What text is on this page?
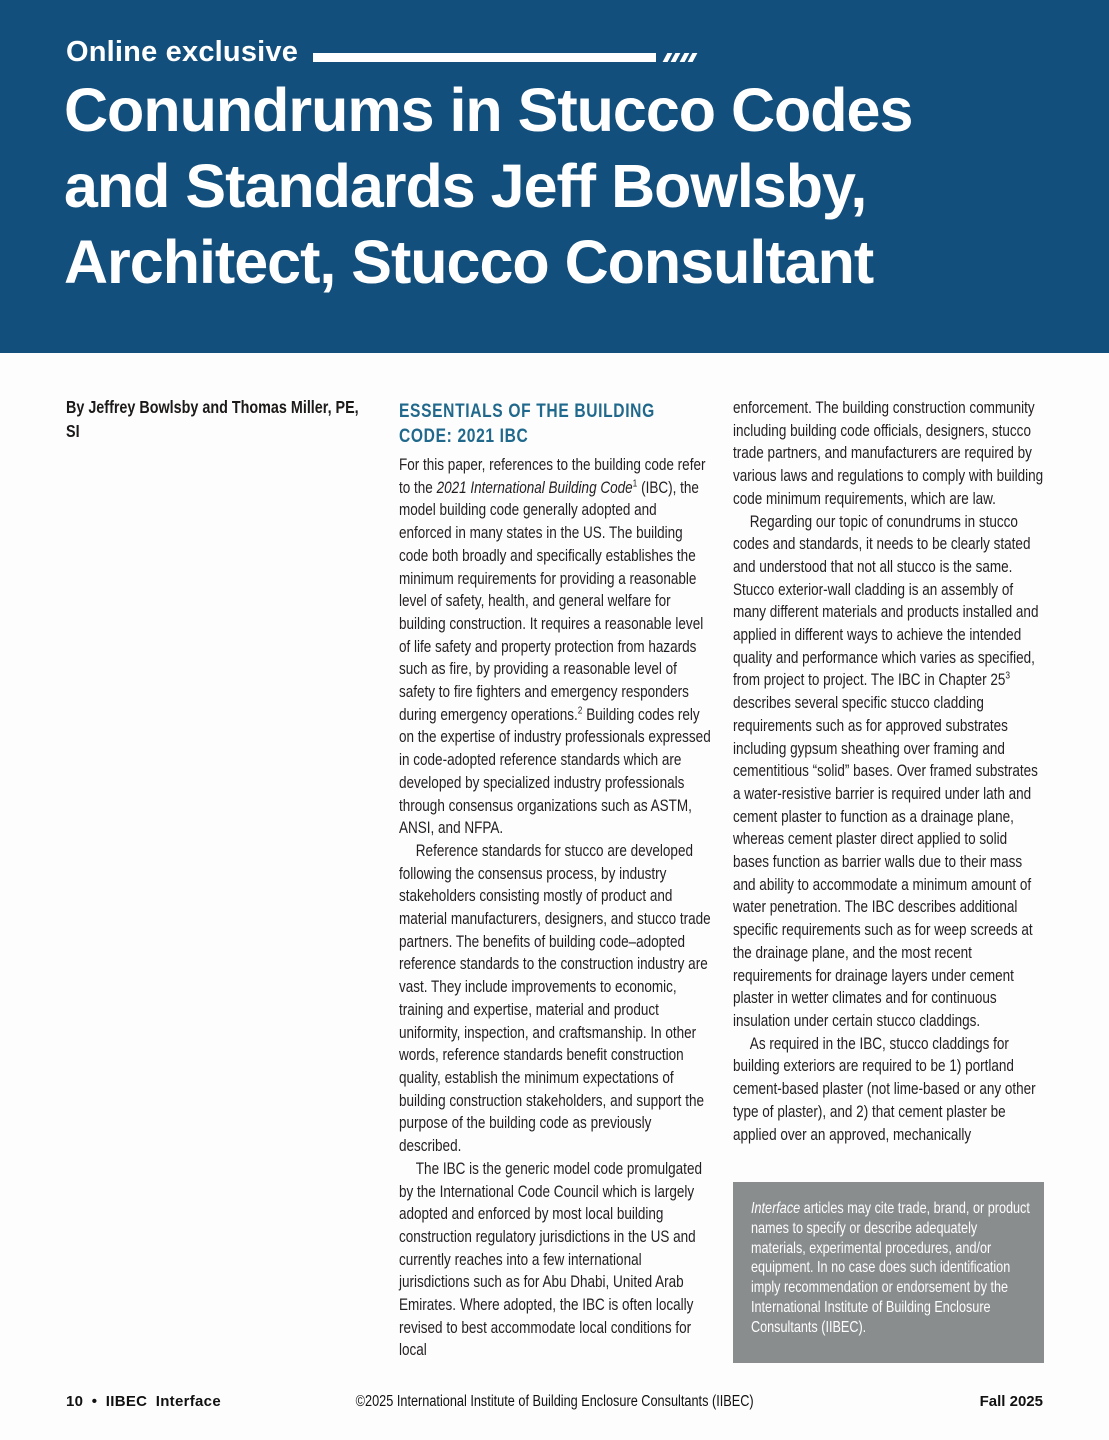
Online exclusive
Conundrums in Stucco Codes
and Standards Jeff Bowlsby,
Architect, Stucco Consultant
By Jeffrey Bowlsby and Thomas Miller, PE, SI
ESSENTIALS OF THE BUILDING CODE: 2021 IBC

For this paper, references to the building code refer to the 2021 International Building Code$^1$ (IBC), the model building code generally adopted and enforced in many states in the US. The building code both broadly and specifically establishes the minimum requirements for providing a reasonable level of safety, health, and general welfare for building construction. It requires a reasonable level of life safety and property protection from hazards such as fire, by providing a reasonable level of safety to fire fighters and emergency responders during emergency operations.$^2$ Building codes rely on the expertise of industry professionals expressed in code-adopted reference standards which are developed by specialized industry professionals through consensus organizations such as ASTM, ANSI, and NFPA.

Reference standards for stucco are developed following the consensus process, by industry stakeholders consisting mostly of product and material manufacturers, designers, and stucco trade partners. The benefits of building code–adopted reference standards to the construction industry are vast. They include improvements to economic, training and expertise, material and product uniformity, inspection, and craftsmanship. In other words, reference standards benefit construction quality, establish the minimum expectations of building construction stakeholders, and support the purpose of the building code as previously described.

The IBC is the generic model code promulgated by the International Code Council which is largely adopted and enforced by most local building construction regulatory jurisdictions in the US and currently reaches into a few international jurisdictions such as for Abu Dhabi, United Arab Emirates. Where adopted, the IBC is often locally revised to best accommodate local conditions for local

enforcement. The building construction community including building code officials, designers, stucco trade partners, and manufacturers are required by various laws and regulations to comply with building code minimum requirements, which are law.

Regarding our topic of conundrums in stucco codes and standards, it needs to be clearly stated and understood that not all stucco is the same. Stucco exterior-wall cladding is an assembly of many different materials and products installed and applied in different ways to achieve the intended quality and performance which varies as specified, from project to project. The IBC in Chapter $25^3$ describes several specific stucco cladding requirements such as for approved substrates including gypsum sheathing over framing and cementitious “solid” bases. Over framed substrates a water-resistive barrier is required under lath and cement plaster to function as a drainage plane, whereas cement plaster direct applied to solid bases function as barrier walls due to their mass and ability to accommodate a minimum amount of water penetration. The IBC describes additional specific requirements such as for weep screeds at the drainage plane, and the most recent requirements for drainage layers under cement plaster in wetter climates and for continuous insulation under certain stucco claddings.

As required in the IBC, stucco claddings for building exteriors are required to be 1) portland cement-based plaster (not lime-based or any other type of plaster), and 2) that cement plaster be applied over an approved, mechanically

Interface articles may cite trade, brand, or product names to specify or describe adequately materials, experimental procedures, and/or equipment. In no case does such identification imply recommendation or endorsement by the International Institute of Building Enclosure Consultants (IIBEC).
©2025 International Institute of Building Enclosure Consultants (IIBEC)
10 • IIBEC Interface	Fall 2025
